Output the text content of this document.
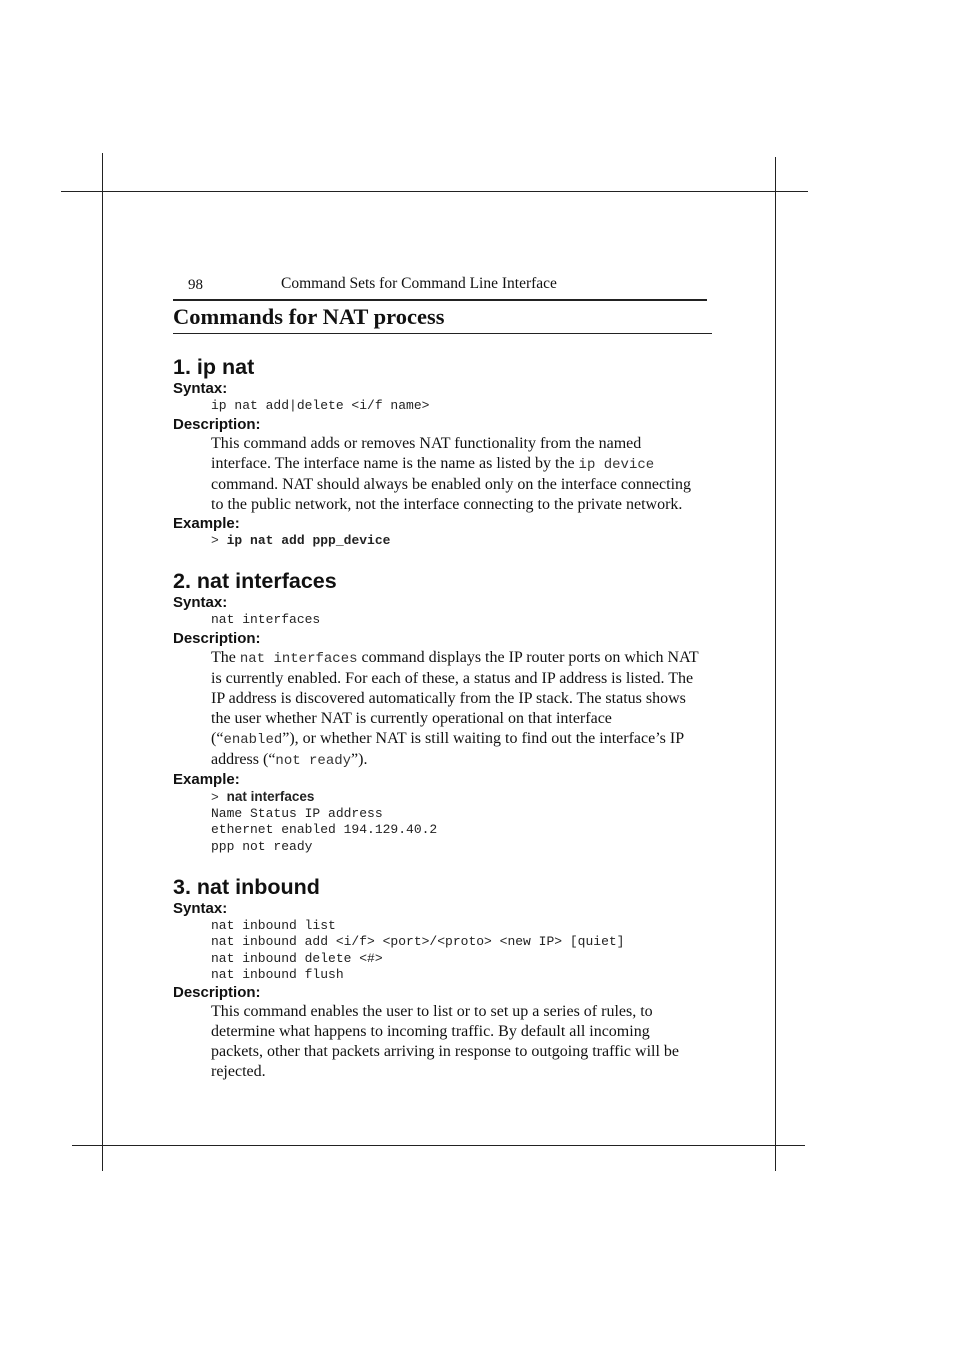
98	Command Sets for Command Line Interface
Commands for NAT process
1. ip nat
Syntax:
ip nat add|delete <i/f name>
Description:

This command adds or removes NAT functionality from the named interface. The interface name is the name as listed by the ip device command. NAT should always be enabled only on the interface connecting to the public network, not the interface connecting to the private network.

Example:
> ip nat add ppp_device
2. nat interfaces
Syntax:
nat interfaces
Description:

The nat interfaces command displays the IP router ports on which NAT is currently enabled. For each of these, a status and IP address is listed. The IP address is discovered automatically from the IP stack. The status shows the user whether NAT is currently operational on that interface (“enabled”), or whether NAT is still waiting to find out the interface’s IP address (“not ready”).

Example:
> nat interfaces
Name Status IP address
ethernet enabled 194.129.40.2
ppp not ready
3. nat inbound
Syntax:
nat inbound list
nat inbound add <i/f> <port>/<proto> <new IP> [quiet]
nat inbound delete <#>
nat inbound flush
Description:

This command enables the user to list or to set up a series of rules, to determine what happens to incoming traffic. By default all incoming packets, other that packets arriving in response to outgoing traffic will be rejected.
